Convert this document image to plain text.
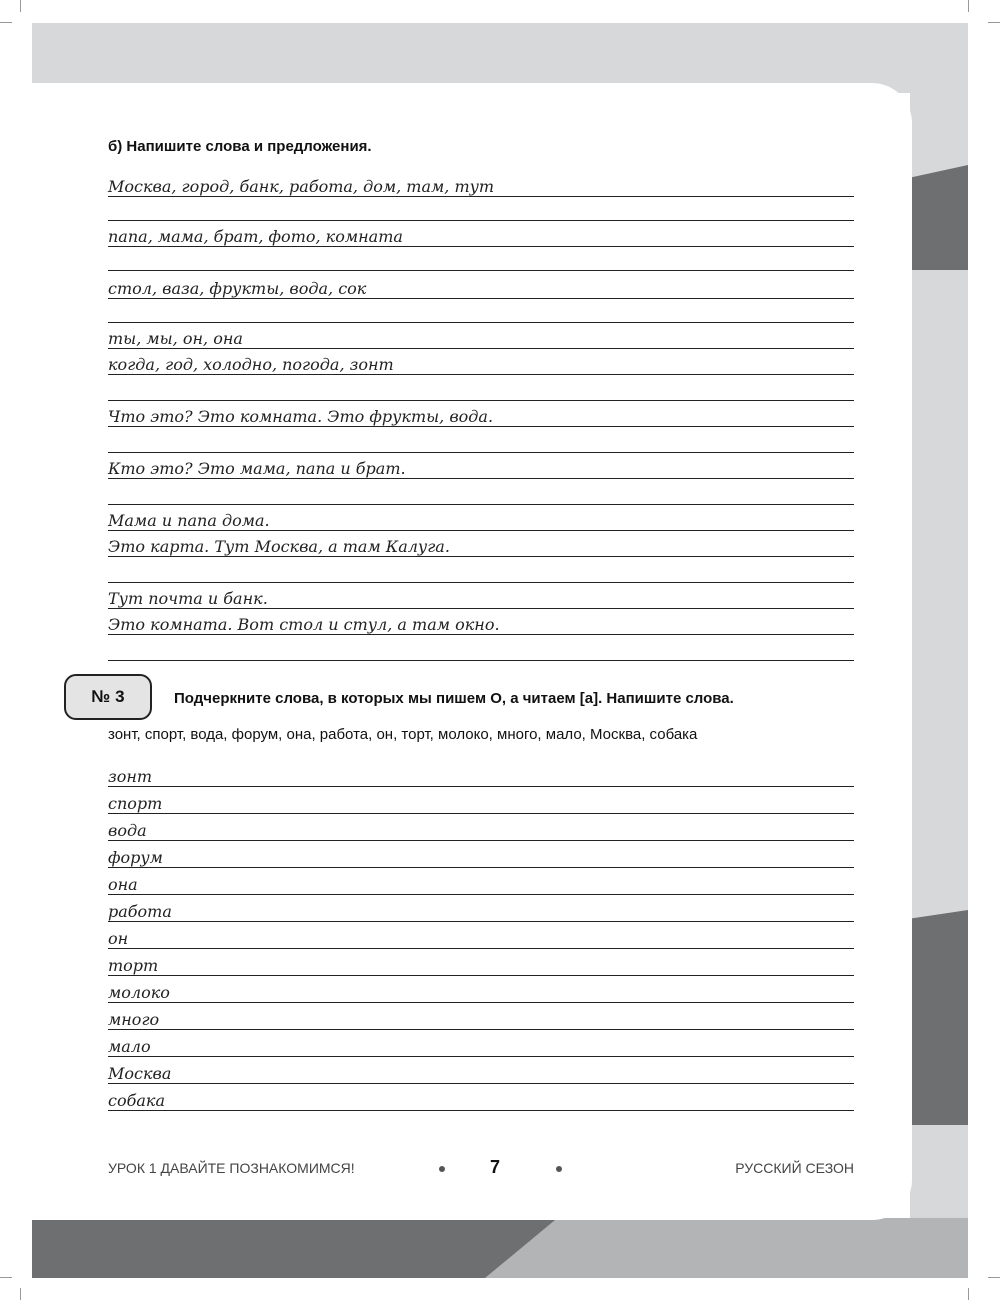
б) Напишите слова и предложения.
Москва, город, банк, работа, дом, там, тут
папа, мама, брат, фото, комната
стол, ваза, фрукты, вода, сок
ты, мы, он, она
когда, год, холодно, погода, зонт
Что это? Это комната. Это фрукты, вода.
Кто это? Это мама, папа и брат.
Мама и папа дома.
Это карта. Тут Москва, а там Калуга.
Тут почта и банк.
Это комната. Вот стол и стул, а там окно.
№ 3	Подчеркните слова, в которых мы пишем О, а читаем [а]. Напишите слова.
зонт, спорт, вода, форум, она, работа, он, торт, молоко, много, мало, Москва, собака
зонт
спорт
вода
форум
она
работа
он
торт
молоко
много
мало
Москва
собака
УРОК 1 ДАВАЙТЕ ПОЗНАКОМИМСЯ!	7	РУССКИЙ СЕЗОН
